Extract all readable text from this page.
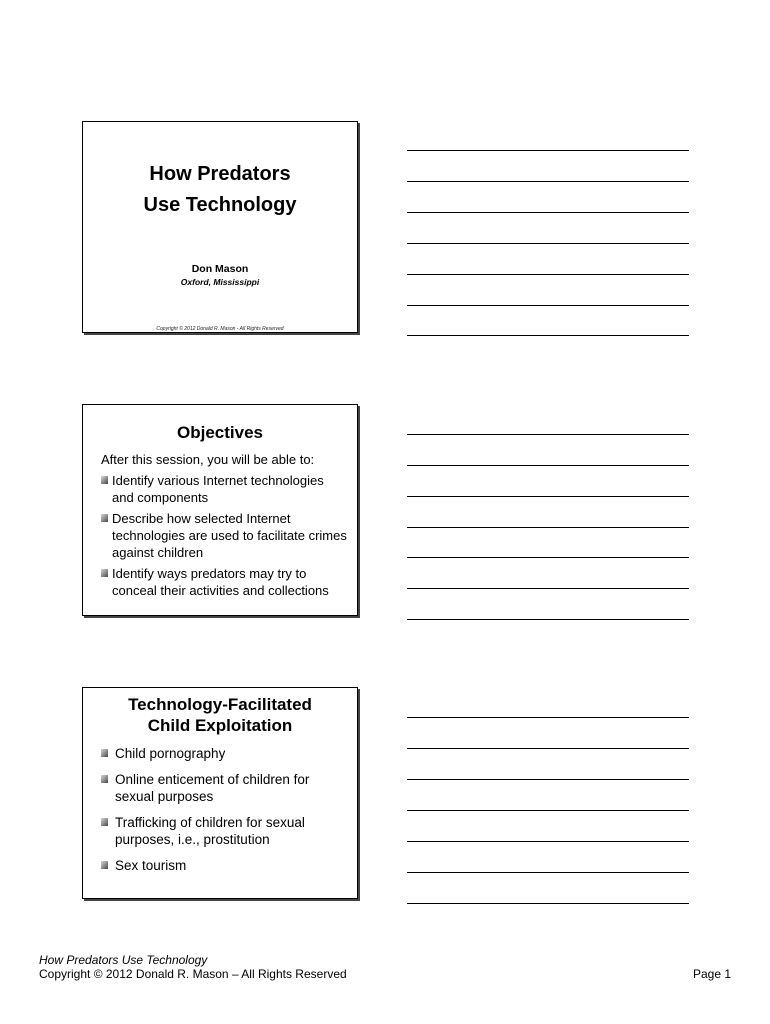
How Predators
Use Technology
Don Mason
Oxford, Mississippi
Copyright © 2012 Donald R. Mason - All Rights Reserved
Objectives
After this session, you will be able to:
Identify various Internet technologies and components
Describe how selected Internet technologies are used to facilitate crimes against children
Identify ways predators may try to conceal their activities and collections
Technology-Facilitated
Child Exploitation
Child pornography
Online enticement of children for sexual purposes
Trafficking of children for sexual purposes, i.e., prostitution
Sex tourism
How Predators Use Technology
Copyright © 2012 Donald R. Mason – All Rights Reserved	Page 1
